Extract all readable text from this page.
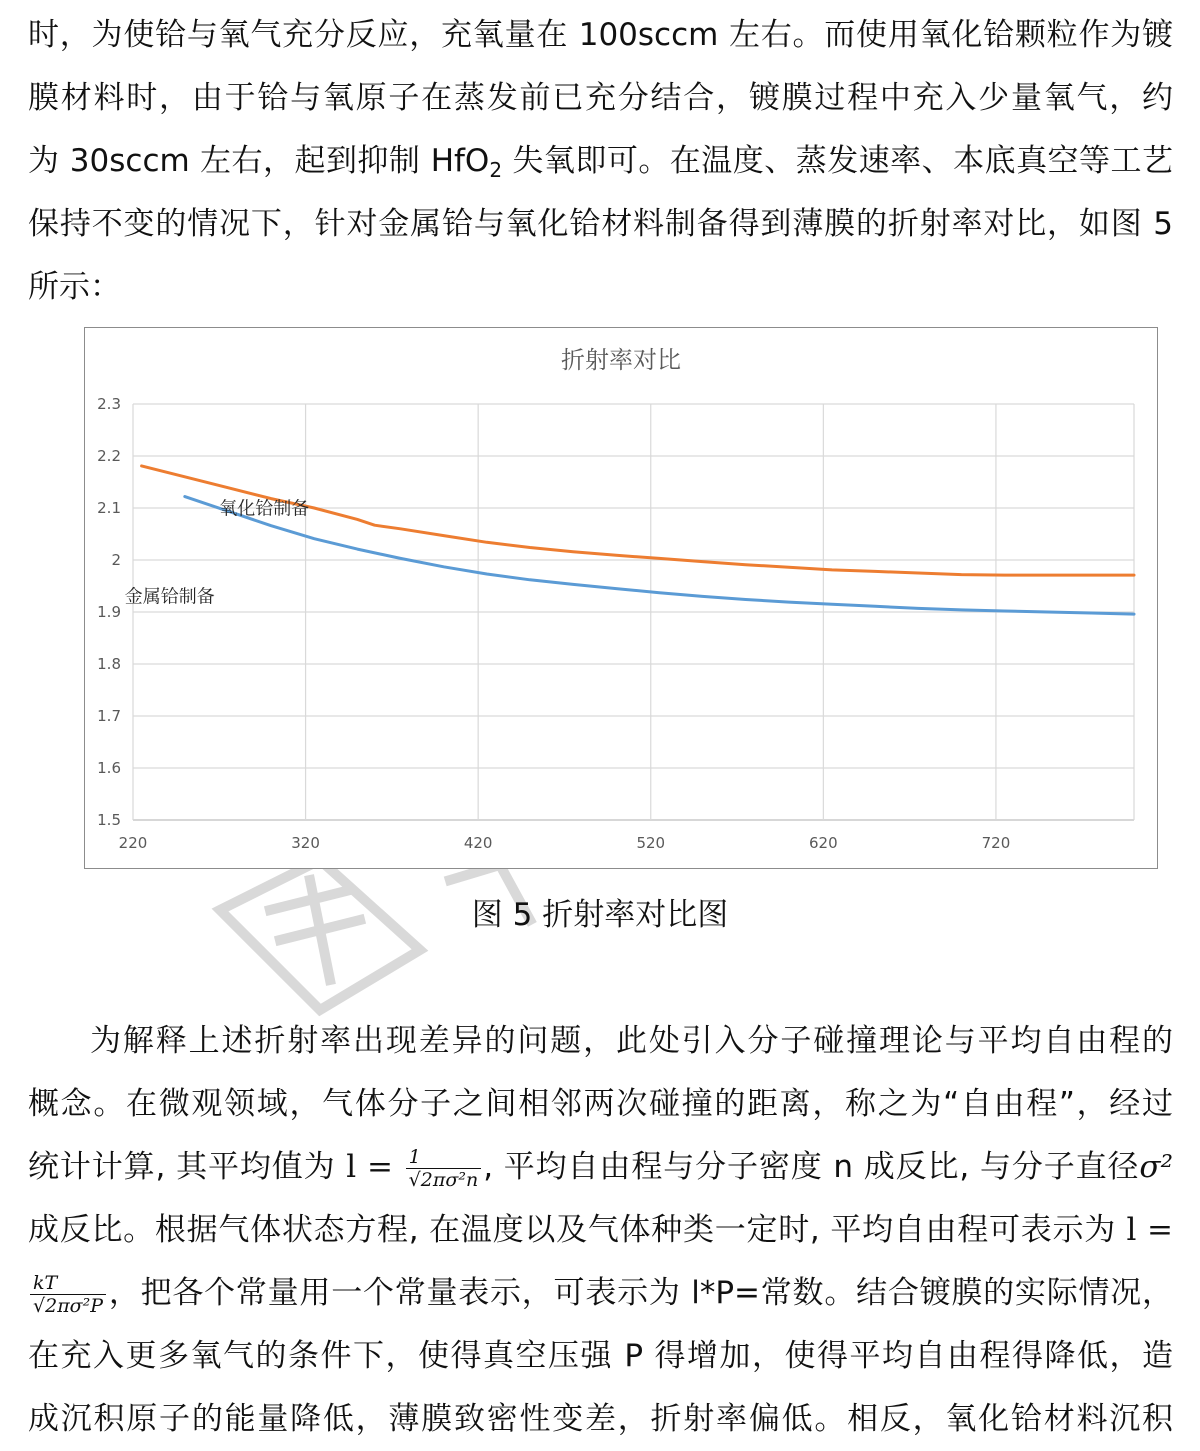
时，为使铪与氧气充分反应，充氧量在 100sccm 左右。而使用氧化铪颗粒作为镀
膜材料时，由于铪与氧原子在蒸发前已充分结合，镀膜过程中充入少量氧气，约
为 30sccm 左右，起到抑制 HfO$_2$ 失氧即可。在温度、蒸发速率、本底真空等工艺
保持不变的情况下，针对金属铪与氧化铪材料制备得到薄膜的折射率对比，如图 5
所示：
折射率对比
1.5
1.6
1.7
1.8
1.9
2
2.1
2.2
2.3
220	320	420	520	620	720
氧化铪制备
金属铪制备
图 5 折射率对比图
为解释上述折射率出现差异的问题，此处引入分子碰撞理论与平均自由程的
概念。在微观领域，气体分子之间相邻两次碰撞的距离，称之为“自由程”，经过
统计计算, 其平均值为 $l = \frac{1}{\text{√2πσ²n}}$ , 平均自由程与分子密度 n 成反比, 与分子直径σ²
成反比。根据气体状态方程, 在温度以及气体种类一定时, 平均自由程可表示为 l =
$\frac{kT}{\text{√2πσ²P}}$ ，把各个常量用一个常量表示，可表示为 l*P=常数。结合镀膜的实际情况，
在充入更多氧气的条件下，使得真空压强 P 得增加，使得平均自由程得降低，造
成沉积原子的能量降低，薄膜致密性变差，折射率偏低。相反，氧化铪材料沉积
